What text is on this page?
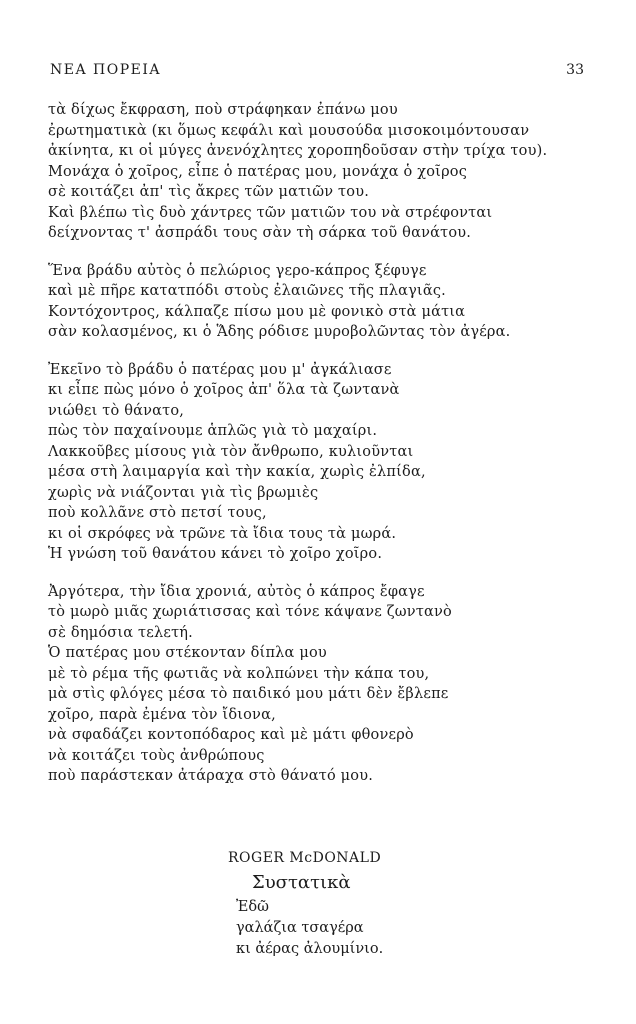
ΝΕΑ ΠΟΡΕΙΑ	33
τὰ δίχως ἔκφραση, ποὺ στράφηκαν ἐπάνω μου
ἐρωτηματικὰ (κι ὅμως κεφάλι καὶ μουσούδα μισοκοιμόντουσαν
ἀκίνητα, κι οἱ μύγες ἀνενόχλητες χοροπηδοῦσαν στὴν τρίχα του).
Μονάχα ὁ χοῖρος, εἶπε ὁ πατέρας μου, μονάχα ὁ χοῖρος
σὲ κοιτάζει ἀπ' τὶς ἄκρες τῶν ματιῶν του.
Καὶ βλέπω τὶς δυὸ χάντρες τῶν ματιῶν του νὰ στρέφονται
δείχνοντας τ' ἀσπράδι τους σὰν τὴ σάρκα τοῦ θανάτου.
Ἕνα βράδυ αὐτὸς ὁ πελώριος γερο-κάπρος ξέφυγε
καὶ μὲ πῆρε κατατπόδι στοὺς ἐλαιῶνες τῆς πλαγιᾶς.
Κοντόχοντρος, κάλπαζε πίσω μου μὲ φονικὸ στὰ μάτια
σὰν κολασμένος, κι ὁ Ἅδης ρόδισε μυροβολῶντας τὸν ἀγέρα.
Ἐκεῖνο τὸ βράδυ ὁ πατέρας μου μ' ἀγκάλιασε
κι εἶπε πὼς μόνο ὁ χοῖρος ἀπ' ὅλα τὰ ζωντανὰ
νιώθει τὸ θάνατο,
πὼς τὸν παχαίνουμε ἁπλῶς γιὰ τὸ μαχαίρι.
Λακκοῦβες μίσους γιὰ τὸν ἄνθρωπο, κυλιοῦνται
μέσα στὴ λαιμαργία καὶ τὴν κακία, χωρὶς ἐλπίδα,
χωρὶς νὰ νιάζονται γιὰ τὶς βρωμιὲς
ποὺ κολλᾶνε στὸ πετσί τους,
κι οἱ σκρόφες νὰ τρῶνε τὰ ἴδια τους τὰ μωρά.
Ἡ γνώση τοῦ θανάτου κάνει τὸ χοῖρο χοῖρο.
Ἀργότερα, τὴν ἴδια χρονιά, αὐτὸς ὁ κάπρος ἔφαγε
τὸ μωρὸ μιᾶς χωριάτισσας καὶ τόνε κάψανε ζωντανὸ
σὲ δημόσια τελετή.
Ὁ πατέρας μου στέκονταν δίπλα μου
μὲ τὸ ρέμα τῆς φωτιᾶς νὰ κολπώνει τὴν κάπα του,
μὰ στὶς φλόγες μέσα τὸ παιδικό μου μάτι δὲν ἔβλεπε
χοῖρο, παρὰ ἐμένα τὸν ἴδιονα,
νὰ σφαδάζει κοντοπόδαρος καὶ μὲ μάτι φθονερὸ
νὰ κοιτάζει τοὺς ἀνθρώπους
ποὺ παράστεκαν ἀτάραχα στὸ θάνατό μου.
ROGER McDONALD
Συστατικὰ
Ἐδῶ
γαλάζια τσαγέρα
κι ἀέρας ἀλουμίνιο.
